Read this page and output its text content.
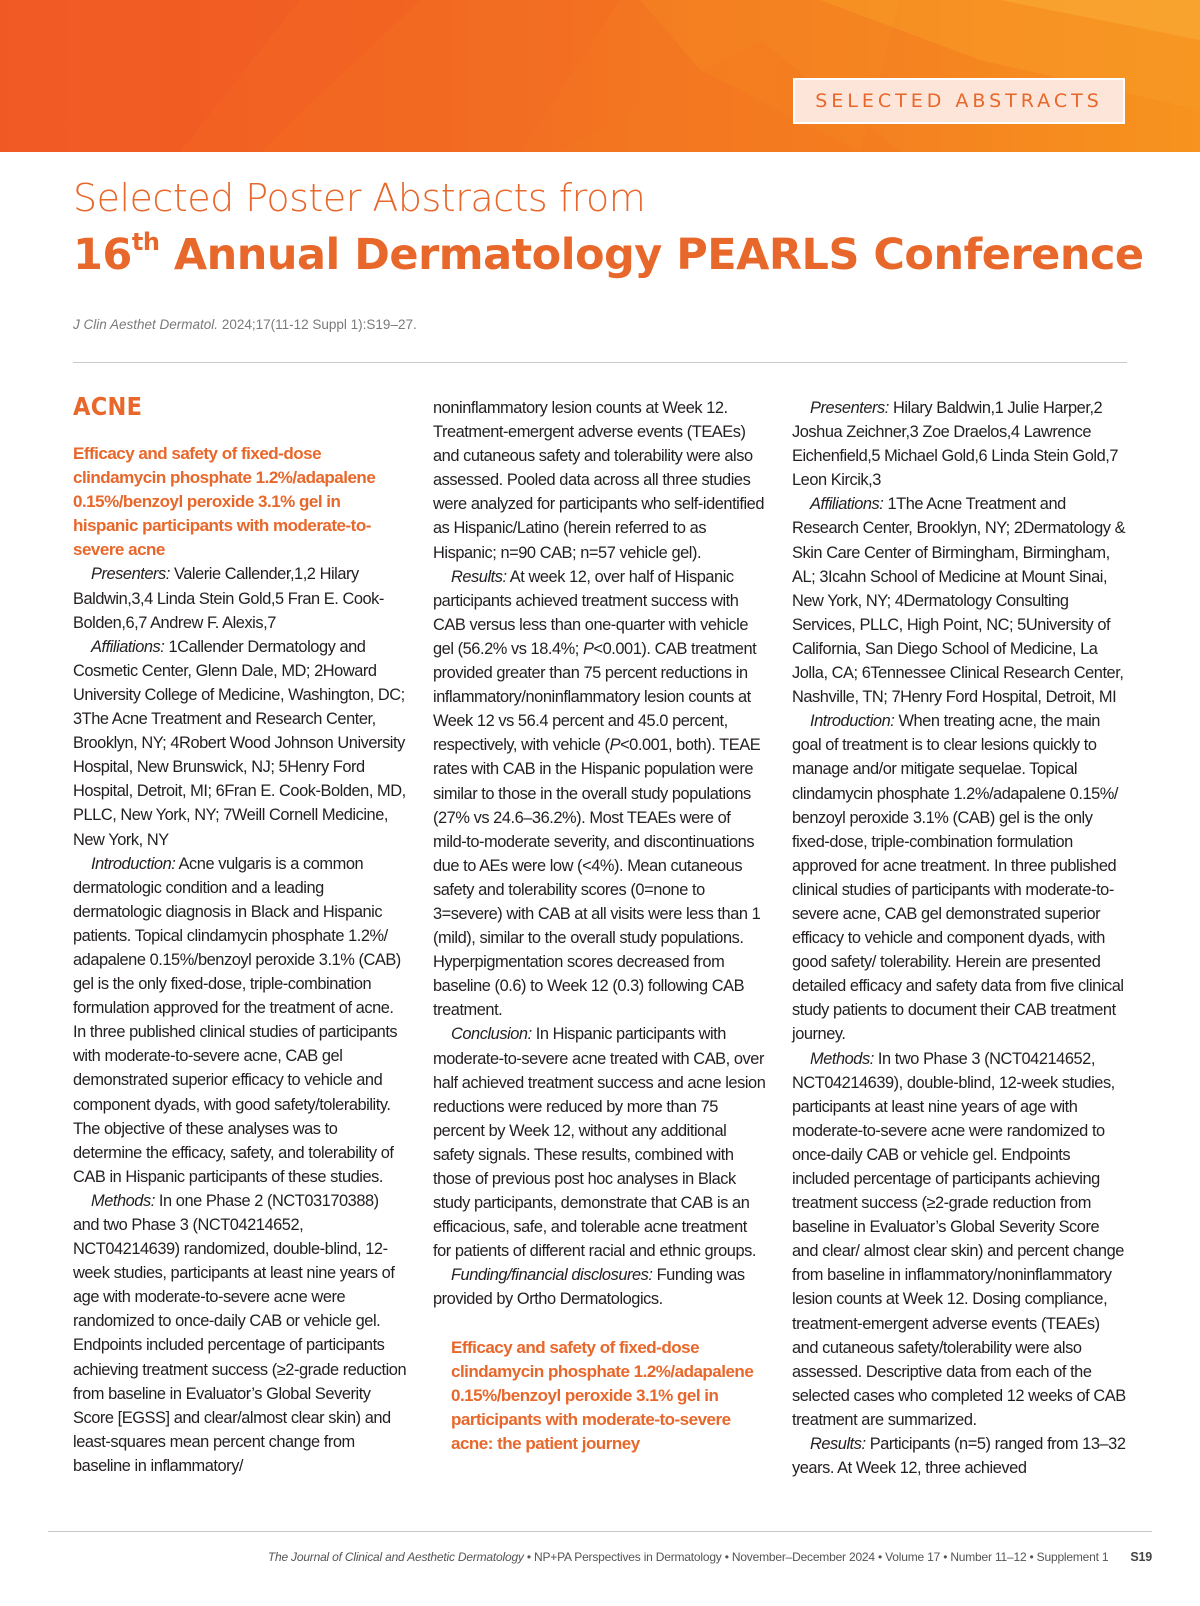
SELECTED ABSTRACTS
Selected Poster Abstracts from
16th Annual Dermatology PEARLS Conference
J Clin Aesthet Dermatol. 2024;17(11-12 Suppl 1):S19–27.
ACNE
Efficacy and safety of fixed-dose clindamycin phosphate 1.2%/adapalene 0.15%/benzoyl peroxide 3.1% gel in hispanic participants with moderate-to-severe acne

Presenters: Valerie Callender,1,2 Hilary Baldwin,3,4 Linda Stein Gold,5 Fran E. Cook-Bolden,6,7 Andrew F. Alexis,7

Affiliations: 1Callender Dermatology and Cosmetic Center, Glenn Dale, MD; 2Howard University College of Medicine, Washington, DC; 3The Acne Treatment and Research Center, Brooklyn, NY; 4Robert Wood Johnson University Hospital, New Brunswick, NJ; 5Henry Ford Hospital, Detroit, MI; 6Fran E. Cook-Bolden, MD, PLLC, New York, NY; 7Weill Cornell Medicine, New York, NY

Introduction: Acne vulgaris is a common dermatologic condition and a leading dermatologic diagnosis in Black and Hispanic patients. Topical clindamycin phosphate 1.2%/ adapalene 0.15%/benzoyl peroxide 3.1% (CAB) gel is the only fixed-dose, triple-combination formulation approved for the treatment of acne. In three published clinical studies of participants with moderate-to-severe acne, CAB gel demonstrated superior efficacy to vehicle and component dyads, with good safety/tolerability. The objective of these analyses was to determine the efficacy, safety, and tolerability of CAB in Hispanic participants of these studies.

Methods: In one Phase 2 (NCT03170388) and two Phase 3 (NCT04214652, NCT04214639) randomized, double-blind, 12-week studies, participants at least nine years of age with moderate-to-severe acne were randomized to once-daily CAB or vehicle gel. Endpoints included percentage of participants achieving treatment success (≥2-grade reduction from baseline in Evaluator’s Global Severity Score [EGSS] and clear/almost clear skin) and least-squares mean percent change from baseline in inflammatory/

noninflammatory lesion counts at Week 12. Treatment-emergent adverse events (TEAEs) and cutaneous safety and tolerability were also assessed. Pooled data across all three studies were analyzed for participants who self-identified as Hispanic/Latino (herein referred to as Hispanic; n=90 CAB; n=57 vehicle gel).

Results: At week 12, over half of Hispanic participants achieved treatment success with CAB versus less than one-quarter with vehicle gel (56.2% vs 18.4%; P<0.001). CAB treatment provided greater than 75 percent reductions in inflammatory/noninflammatory lesion counts at Week 12 vs 56.4 percent and 45.0 percent, respectively, with vehicle (P<0.001, both). TEAE rates with CAB in the Hispanic population were similar to those in the overall study populations (27% vs 24.6–36.2%). Most TEAEs were of mild-to-moderate severity, and discontinuations due to AEs were low (<4%). Mean cutaneous safety and tolerability scores (0=none to 3=severe) with CAB at all visits were less than 1 (mild), similar to the overall study populations. Hyperpigmentation scores decreased from baseline (0.6) to Week 12 (0.3) following CAB treatment.

Conclusion: In Hispanic participants with moderate-to-severe acne treated with CAB, over half achieved treatment success and acne lesion reductions were reduced by more than 75 percent by Week 12, without any additional safety signals. These results, combined with those of previous post hoc analyses in Black study participants, demonstrate that CAB is an efficacious, safe, and tolerable acne treatment for patients of different racial and ethnic groups.

Funding/financial disclosures: Funding was provided by Ortho Dermatologics.

Efficacy and safety of fixed-dose clindamycin phosphate 1.2%/adapalene 0.15%/benzoyl peroxide 3.1% gel in participants with moderate-to-severe acne: the patient journey

Presenters: Hilary Baldwin,1 Julie Harper,2 Joshua Zeichner,3 Zoe Draelos,4 Lawrence Eichenfield,5 Michael Gold,6 Linda Stein Gold,7 Leon Kircik,3

Affiliations: 1The Acne Treatment and Research Center, Brooklyn, NY; 2Dermatology & Skin Care Center of Birmingham, Birmingham, AL; 3Icahn School of Medicine at Mount Sinai, New York, NY; 4Dermatology Consulting Services, PLLC, High Point, NC; 5University of California, San Diego School of Medicine, La Jolla, CA; 6Tennessee Clinical Research Center, Nashville, TN; 7Henry Ford Hospital, Detroit, MI

Introduction: When treating acne, the main goal of treatment is to clear lesions quickly to manage and/or mitigate sequelae. Topical clindamycin phosphate 1.2%/adapalene 0.15%/ benzoyl peroxide 3.1% (CAB) gel is the only fixed-dose, triple-combination formulation approved for acne treatment. In three published clinical studies of participants with moderate-to- severe acne, CAB gel demonstrated superior efficacy to vehicle and component dyads, with good safety/ tolerability. Herein are presented detailed efficacy and safety data from five clinical study patients to document their CAB treatment journey.

Methods: In two Phase 3 (NCT04214652, NCT04214639), double-blind, 12-week studies, participants at least nine years of age with moderate-to-severe acne were randomized to once-daily CAB or vehicle gel. Endpoints included percentage of participants achieving treatment success (≥2-grade reduction from baseline in Evaluator’s Global Severity Score and clear/ almost clear skin) and percent change from baseline in inflammatory/noninflammatory lesion counts at Week 12. Dosing compliance, treatment-emergent adverse events (TEAEs) and cutaneous safety/tolerability were also assessed. Descriptive data from each of the selected cases who completed 12 weeks of CAB treatment are summarized.

Results: Participants (n=5) ranged from 13–32 years. At Week 12, three achieved

The Journal of Clinical and Aesthetic Dermatology • NP+PA Perspectives in Dermatology • November–December 2024 • Volume 17 • Number 11–12 • Supplement 1 S19
